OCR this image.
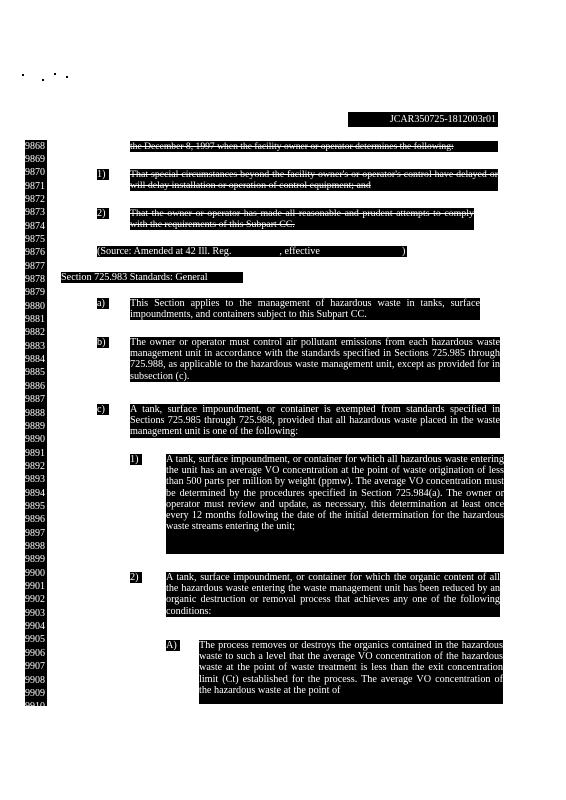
JCAR350725-1812003r01
9868
9869
9870
9871
9872
9873
9874
9875
9876
9877
9878
9879
9880
9881
9882
9883
9884
9885
9886
9887
9888
9889
9890
9891
9892
9893
9894
9895
9896
9897
9898
9899
9900
9901
9902
9903
9904
9905
9906
9907
9908
9909
9910
the December 8, 1997 when the facility owner or operator determines the following:
1)	That special circumstances beyond the facility owner's or operator's control have delayed or will delay installation or operation of control equipment; and
2)	That the owner or operator has made all reasonable and prudent attempts to comply with the requirements of this Subpart CC.
(Source: Amended at 42 Ill. Reg.	, effective	)
Section 725.983 Standards: General
a)	This Section applies to the management of hazardous waste in tanks, surface impoundments, and containers subject to this Subpart CC.
b)	The owner or operator must control air pollutant emissions from each hazardous waste management unit in accordance with the standards specified in Sections 725.985 through 725.988, as applicable to the hazardous waste management unit, except as provided for in subsection (c).
c)	A tank, surface impoundment, or container is exempted from standards specified in Sections 725.985 through 725.988, provided that all hazardous waste placed in the waste management unit is one of the following:
1)	A tank, surface impoundment, or container for which all hazardous waste entering the unit has an average VO concentration at the point of waste origination of less than 500 parts per million by weight (ppmw). The average VO concentration must be determined by the procedures specified in Section 725.984(a). The owner or operator must review and update, as necessary, this determination at least once every 12 months following the date of the initial determination for the hazardous waste streams entering the unit;
2)	A tank, surface impoundment, or container for which the organic content of all the hazardous waste entering the waste management unit has been reduced by an organic destruction or removal process that achieves any one of the following conditions:
A)	The process removes or destroys the organics contained in the hazardous waste to such a level that the average VO concentration of the hazardous waste at the point of waste treatment is less than the exit concentration limit (Ct) established for the process. The average VO concentration of the hazardous waste at the point of
